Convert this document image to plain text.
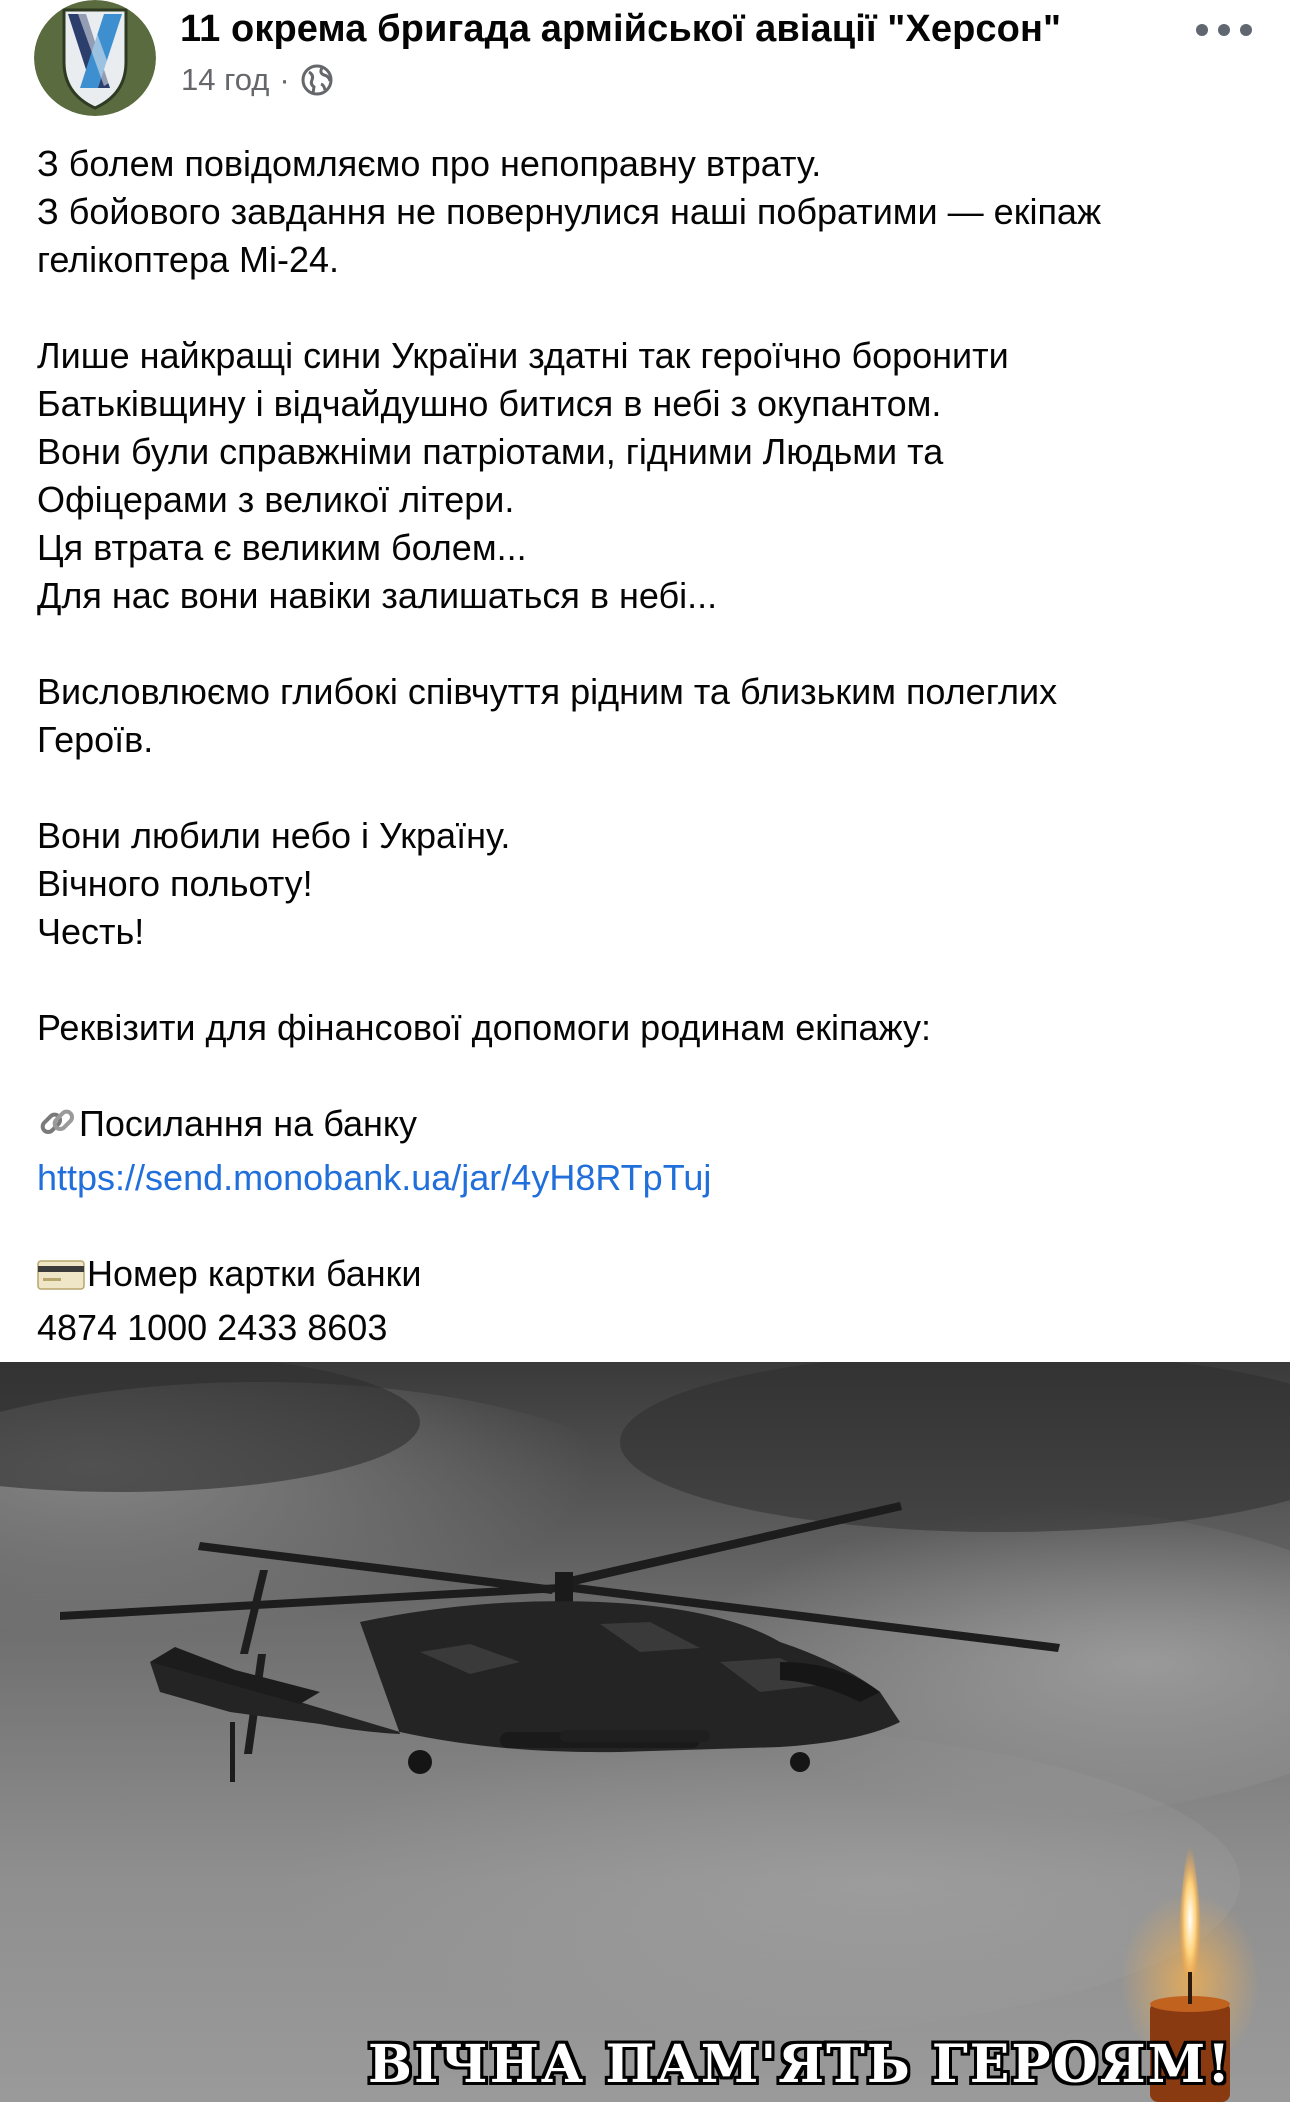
11 окрема бригада армійської авіації "Херсон"
14 год ·
З болем повідомляємо про непоправну втрату.
З бойового завдання не повернулися наші побратими — екіпаж
гелікоптера Мі-24.
Лише найкращі сини України здатні так героїчно боронити
Батьківщину і відчайдушно битися в небі з окупантом.
Вони були справжніми патріотами, гідними Людьми та
Офіцерами з великої літери.
Ця втрата є великим болем...
Для нас вони навіки залишаться в небі...
Висловлюємо глибокі співчуття рідним та близьким полеглих
Героїв.
Вони любили небо і Україну.
Вічного польоту!
Честь!
Реквізити для фінансової допомоги родинам екіпажу:
Посилання на банку
https://send.monobank.ua/jar/4yH8RTpTuj
Номер картки банки
4874 1000 2433 8603
ВІЧНА ПАМ'ЯТЬ ГЕРОЯМ!
